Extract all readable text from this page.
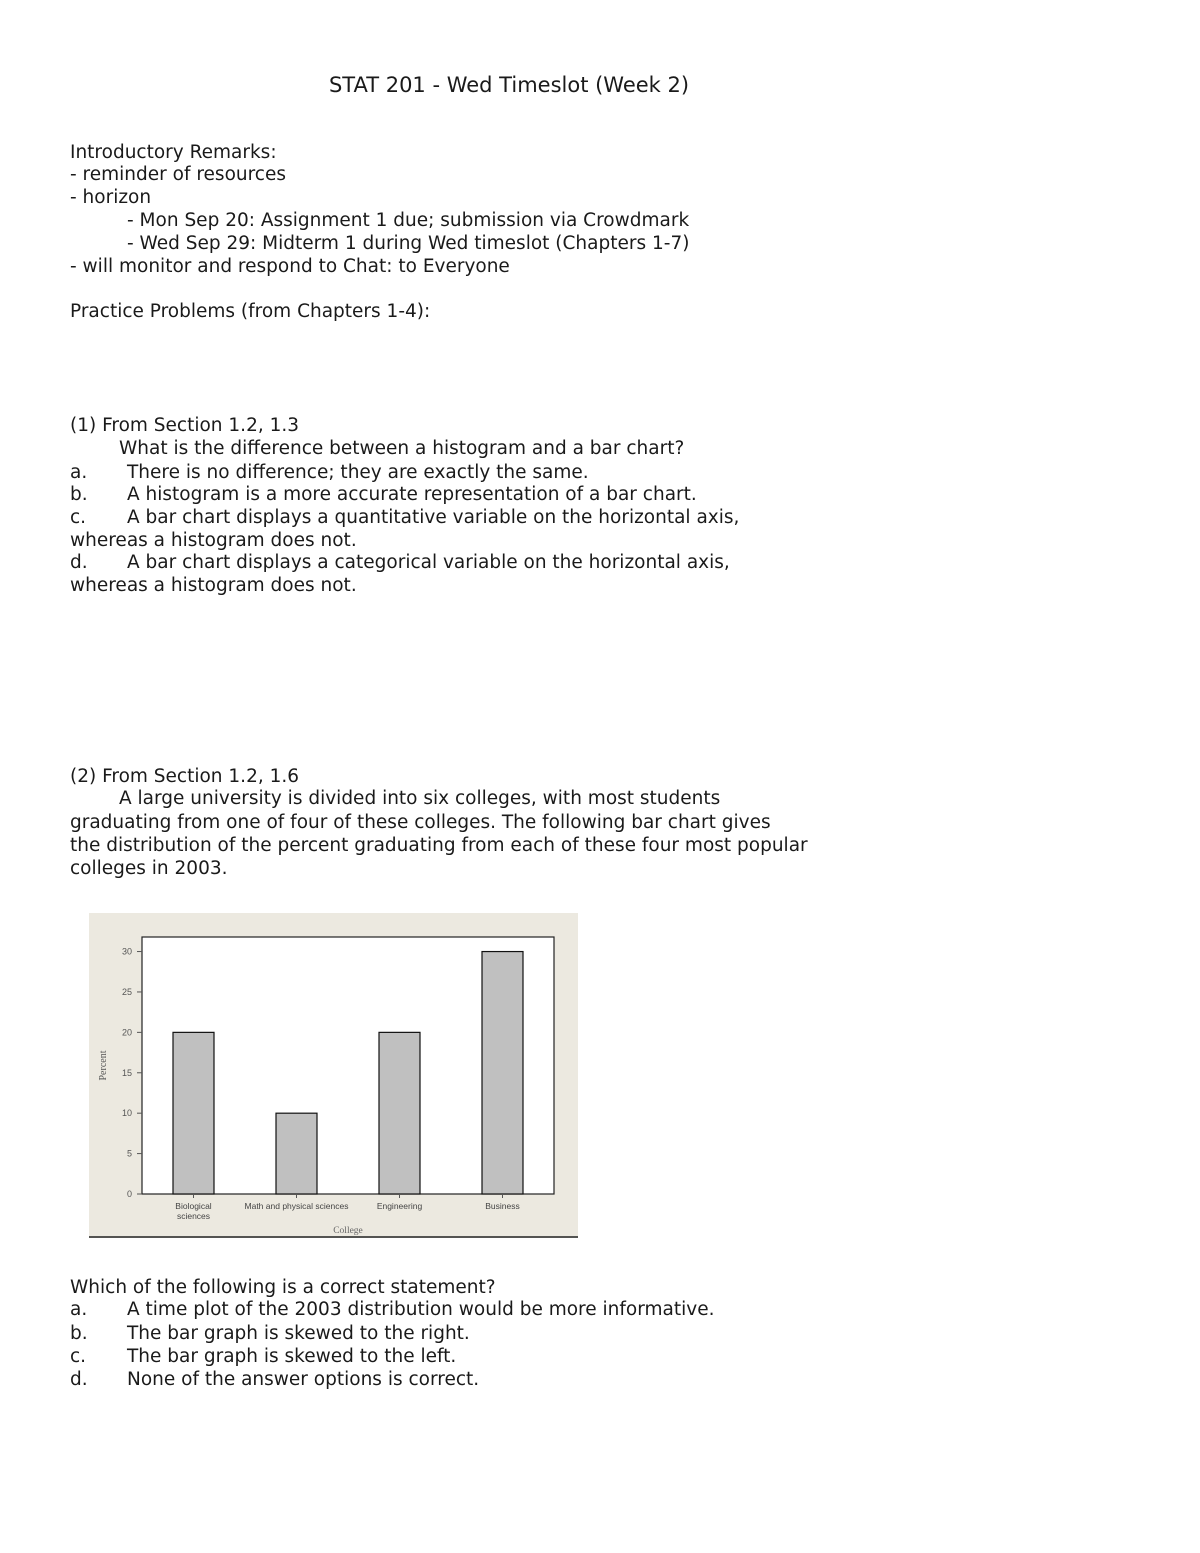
STAT 201 - Wed Timeslot (Week 2)
Introductory Remarks:
- reminder of resources
- horizon
- Mon Sep 20: Assignment 1 due; submission via Crowdmark
- Wed Sep 29: Midterm 1 during Wed timeslot (Chapters 1-7)
- will monitor and respond to Chat: to Everyone
Practice Problems (from Chapters 1-4):
(1) From Section 1.2, 1.3
What is the difference between a histogram and a bar chart?
a. There is no difference; they are exactly the same.
b. A histogram is a more accurate representation of a bar chart.
c. A bar chart displays a quantitative variable on the horizontal axis,
whereas a histogram does not.
d. A bar chart displays a categorical variable on the horizontal axis,
whereas a histogram does not.
(2) From Section 1.2, 1.6
A large university is divided into six colleges, with most students
graduating from one of four of these colleges. The following bar chart gives
the distribution of the percent graduating from each of these four most popular
colleges in 2003.
0
5
10
15
20
25
30
Percent
Biological
sciences
Math and physical sciences	Engineering	Business
College
Which of the following is a correct statement?
a. A time plot of the 2003 distribution would be more informative.
b. The bar graph is skewed to the right.
c. The bar graph is skewed to the left.
d. None of the answer options is correct.
